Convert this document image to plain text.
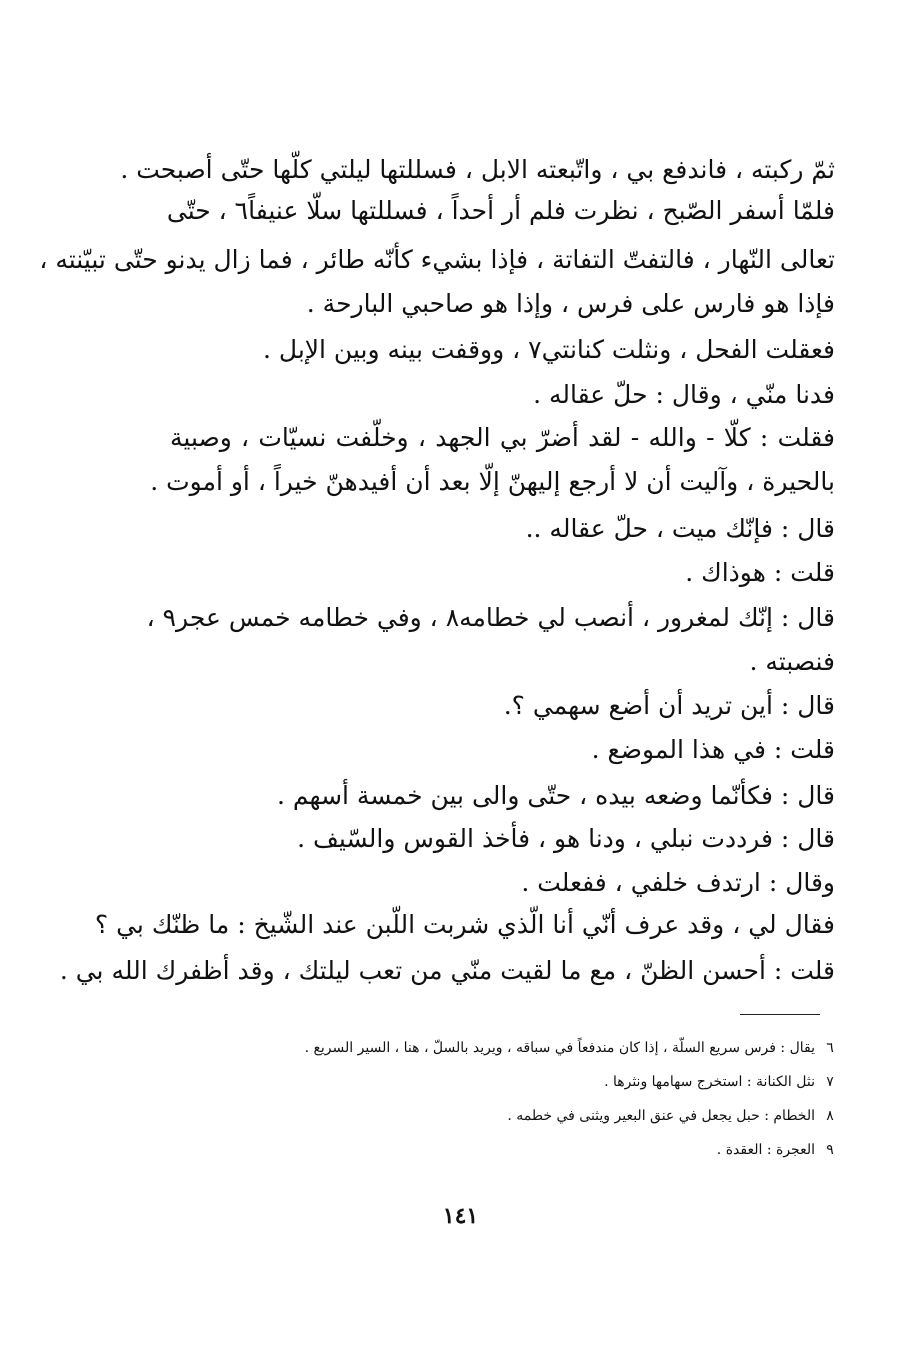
ثمّ ركبته ، فاندفع بي ، واتّبعته الابل ، فسللتها ليلتي كلّها حتّى أصبحت .
فلمّا أسفر الصّبح ، نظرت فلم أر أحداً ، فسللتها سلّا عنيفاً٦ ، حتّى
تعالى النّهار ، فالتفتّ التفاتة ، فإذا بشيء كأنّه طائر ، فما زال يدنو حتّى تبيّنته ،
فإذا هو فارس على فرس ، وإذا هو صاحبي البارحة .
فعقلت الفحل ، ونثلت كنانتي٧ ، ووقفت بينه وبين الإبل .
فدنا منّي ، وقال : حلّ عقاله .
فقلت : كلّا - والله - لقد أضرّ بي الجهد ، وخلّفت نسيّات ، وصبية
بالحيرة ، وآليت أن لا أرجع إليهنّ إلّا بعد أن أفيدهنّ خيراً ، أو أموت .
قال : فإنّك ميت ، حلّ عقاله ..
قلت : هوذاك .
قال : إنّك لمغرور ، أنصب لي خطامه٨ ، وفي خطامه خمس عجر٩ ،
فنصبته .
قال : أين تريد أن أضع سهمي ؟.
قلت : في هذا الموضع .
قال : فكأنّما وضعه بيده ، حتّى والى بين خمسة أسهم .
قال : فرددت نبلي ، ودنا هو ، فأخذ القوس والسّيف .
وقال : ارتدف خلفي ، ففعلت .
فقال لي ، وقد عرف أنّي أنا الّذي شربت اللّبن عند الشّيخ : ما ظنّك بي ؟
قلت : أحسن الظنّ ، مع ما لقيت منّي من تعب ليلتك ، وقد أظفرك الله بي .
٦
يقال : فرس سريع السلّة ، إذا كان مندفعاً في سباقه ، ويريد بالسلّ ، هنا ، السير السريع .
٧
نثل الكنانة : استخرج سهامها ونثرها .
٨
الخطام : حبل يجعل في عنق البعير ويثنى في خطمه .
٩
العجرة : العقدة .
١٤١
